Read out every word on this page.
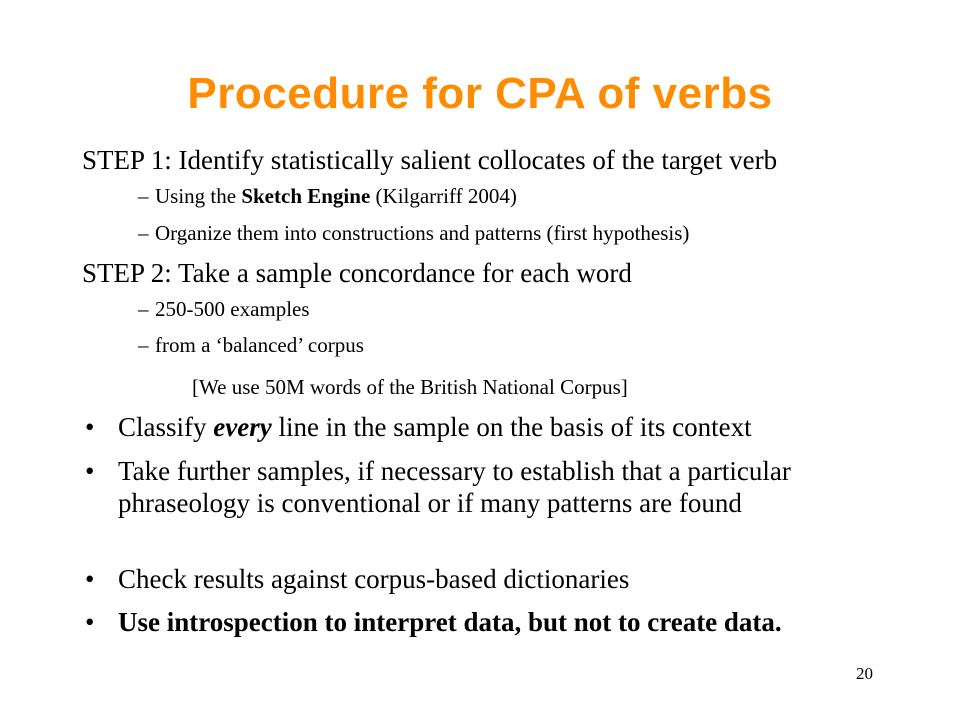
Procedure for CPA of verbs
STEP 1: Identify statistically salient collocates of the target verb
– Using the Sketch Engine (Kilgarriff 2004)
– Organize them into constructions and patterns (first hypothesis)
STEP 2: Take a sample concordance for each word
– 250-500 examples
– from a ‘balanced’ corpus
[We use 50M words of the British National Corpus]
• Classify every line in the sample on the basis of its context
• Take further samples, if necessary to establish that a particular phraseology is conventional or if many patterns are found
• Check results against corpus-based dictionaries
• Use introspection to interpret data, but not to create data.
20
